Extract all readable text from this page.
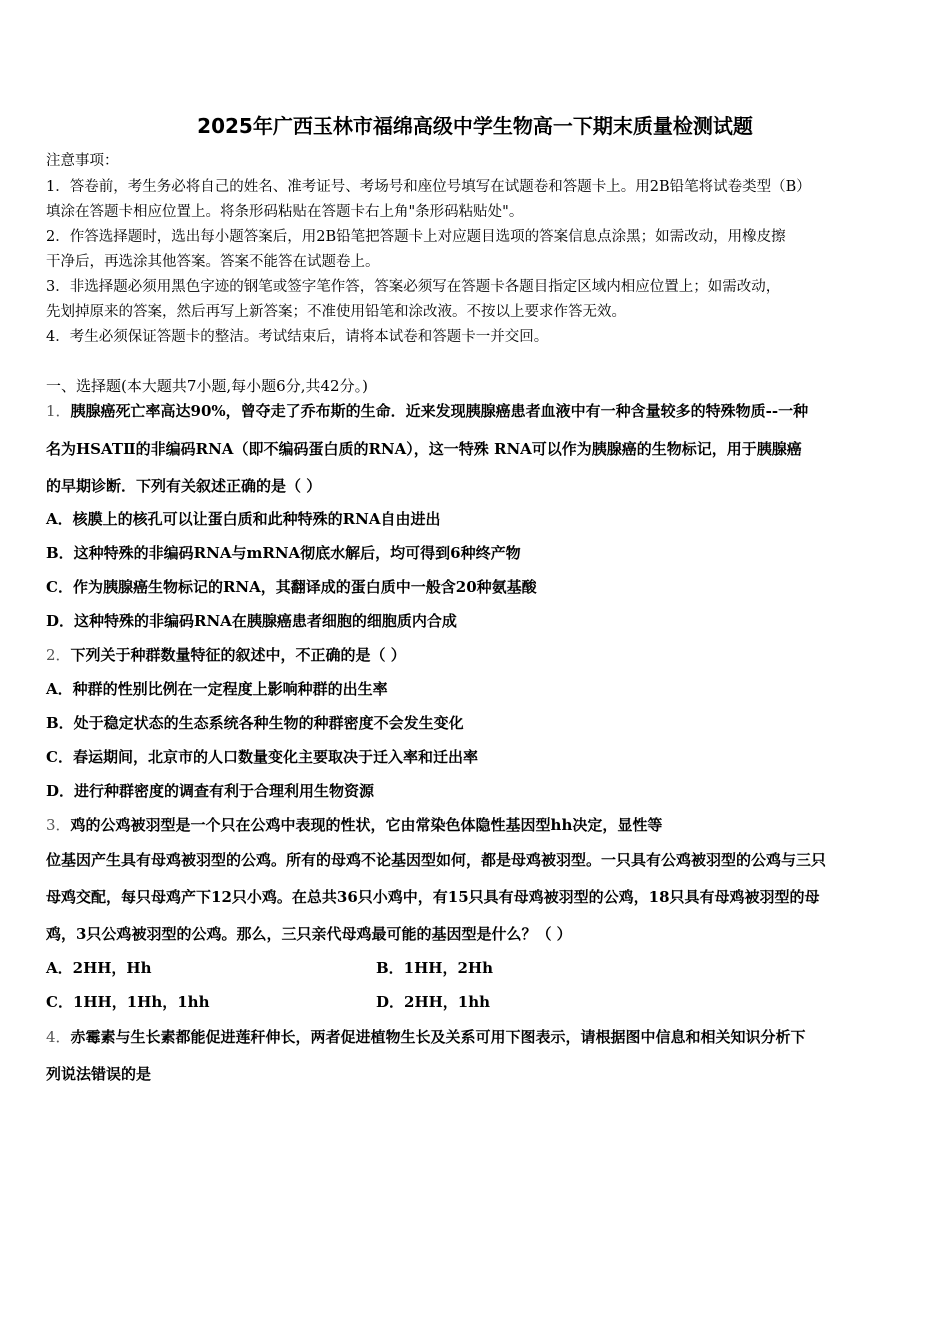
2025年广西玉林市福绵高级中学生物高一下期末质量检测试题
注意事项：
1．答卷前，考生务必将自己的姓名、准考证号、考场号和座位号填写在试题卷和答题卡上。用2B铅笔将试卷类型（B）
填涂在答题卡相应位置上。将条形码粘贴在答题卡右上角"条形码粘贴处"。
2．作答选择题时，选出每小题答案后，用2B铅笔把答题卡上对应题目选项的答案信息点涂黑；如需改动，用橡皮擦
干净后，再选涂其他答案。答案不能答在试题卷上。
3．非选择题必须用黑色字迹的钢笔或签字笔作答，答案必须写在答题卡各题目指定区域内相应位置上；如需改动，
先划掉原来的答案，然后再写上新答案；不准使用铅笔和涂改液。不按以上要求作答无效。
4．考生必须保证答题卡的整洁。考试结束后，请将本试卷和答题卡一并交回。
一、选择题(本大题共7小题,每小题6分,共42分。)
1．胰腺癌死亡率高达90%，曾夺走了乔布斯的生命．近来发现胰腺癌患者血液中有一种含量较多的特殊物质--一种
名为HSATⅡ的非编码RNA（即不编码蛋白质的RNA），这一特殊 RNA可以作为胰腺癌的生物标记，用于胰腺癌
的早期诊断．下列有关叙述正确的是（ ）
A．核膜上的核孔可以让蛋白质和此种特殊的RNA自由进出
B．这种特殊的非编码RNA与mRNA彻底水解后，均可得到6种终产物
C．作为胰腺癌生物标记的RNA，其翻译成的蛋白质中一般含20种氨基酸
D．这种特殊的非编码RNA在胰腺癌患者细胞的细胞质内合成
2．下列关于种群数量特征的叙述中，不正确的是（ ）
A．种群的性别比例在一定程度上影响种群的出生率
B．处于稳定状态的生态系统各种生物的种群密度不会发生变化
C．春运期间，北京市的人口数量变化主要取决于迁入率和迁出率
D．进行种群密度的调查有利于合理利用生物资源
3．鸡的公鸡被羽型是一个只在公鸡中表现的性状，它由常染色体隐性基因型hh决定，显性等
位基因产生具有母鸡被羽型的公鸡。所有的母鸡不论基因型如何，都是母鸡被羽型。一只具有公鸡被羽型的公鸡与三只
母鸡交配，每只母鸡产下12只小鸡。在总共36只小鸡中，有15只具有母鸡被羽型的公鸡，18只具有母鸡被羽型的母
鸡，3只公鸡被羽型的公鸡。那么，三只亲代母鸡最可能的基因型是什么？（ ）
A．2HH，Hh	B．1HH，2Hh
C．1HH，1Hh，1hh	D．2HH，1hh
4．赤霉素与生长素都能促进莲秆伸长，两者促进植物生长及关系可用下图表示，请根据图中信息和相关知识分析下
列说法错误的是
